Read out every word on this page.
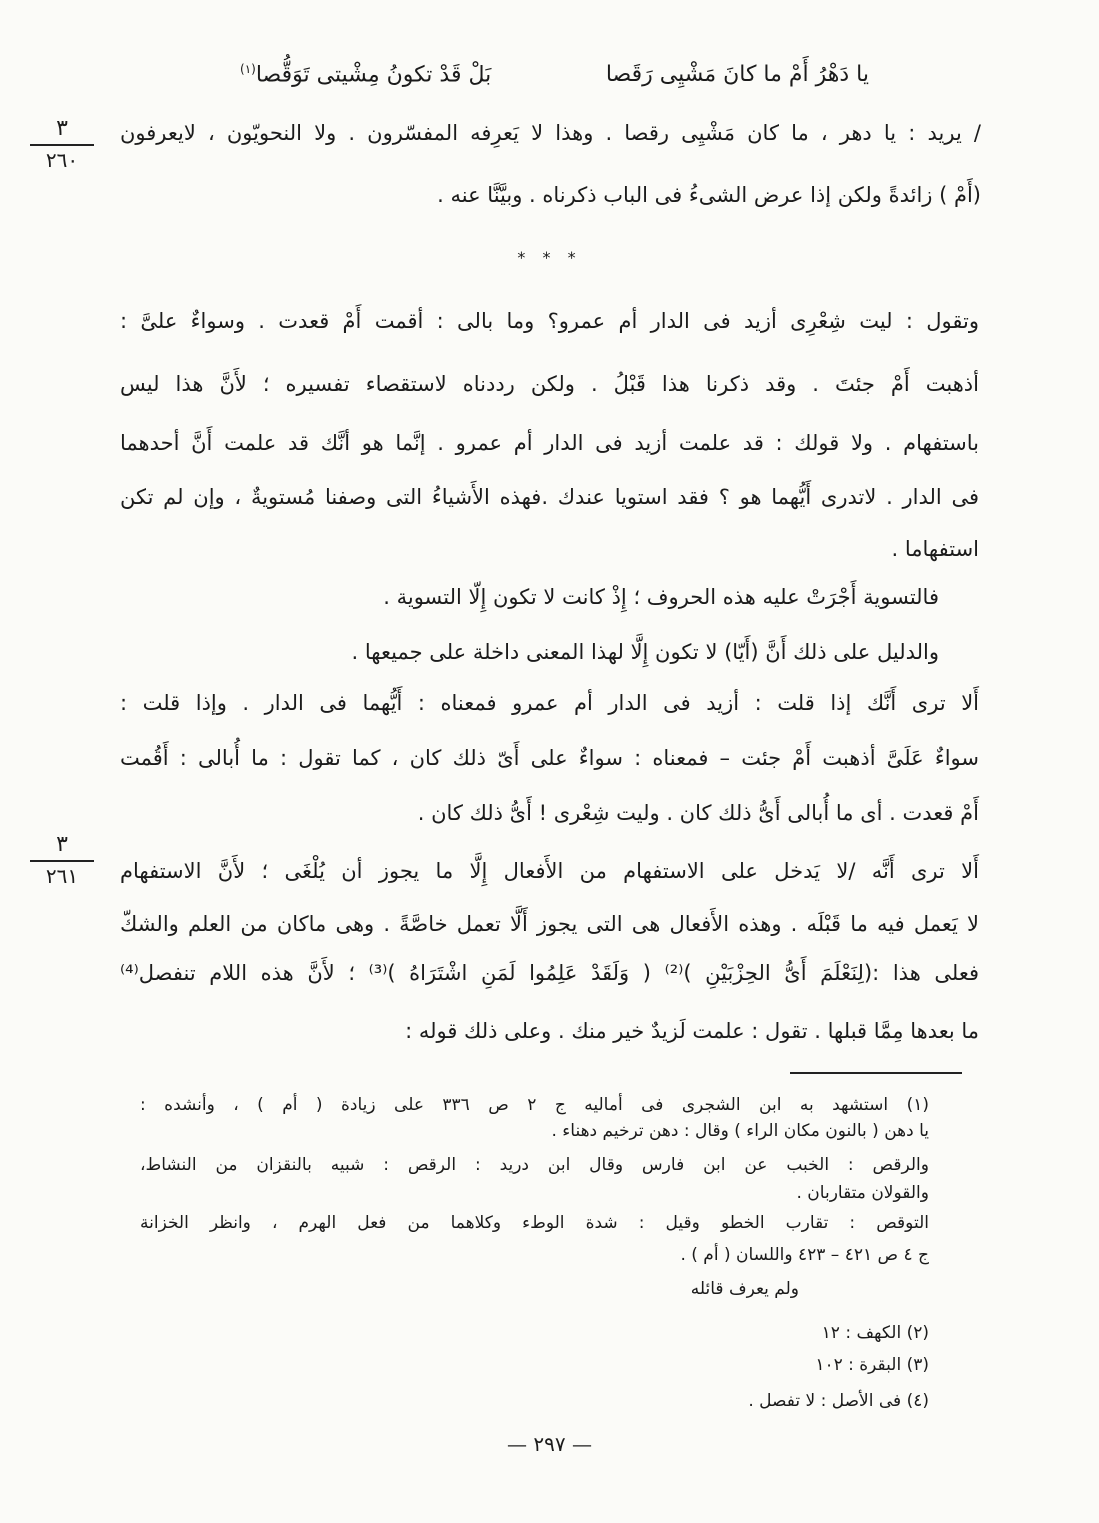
يا دَهْرُ أَمْ ما كانَ مَشْيِى رَقَصا
بَلْ قَدْ تكونُ مِشْيتى تَوَقُّصا$^{(١)}$
٣
٢٦٠
٣
٢٦١
/ يريد : يا دهر ، ما كان مَشْيِى رقصا . وهذا لا يَعرِفه المفسّرون . ولا النحويّون ، لايعرفون
(أَمْ ) زائدةً ولكن إذا عرض الشىءُ فى الباب ذكرناه . وبيَّنَّا عنه .
* * *
وتقول : ليت شِعْرِى أزيد فى الدار أم عمرو؟ وما بالى : أقمت أَمْ قعدت . وسواءٌ علىَّ :
أذهبت أَمْ جئتَ . وقد ذكرنا هذا قَبْلُ . ولكن رددناه لاستقصاء تفسيره ؛ لأَنَّ هذا ليس
باستفهام . ولا قولك : قد علمت أزيد فى الدار أم عمرو . إنَّما هو أنَّك قد علمت أَنَّ أحدهما
فى الدار . لاتدرى أَيُّهما هو ؟ فقد استويا عندك .فهذه الأَشياءُ التى وصفنا مُستويةٌ ، وإن لم تكن
استفهاما .
فالتسوية أَجْرَتْ عليه هذه الحروف ؛ إِذْ كانت لا تكون إِلّا التسوية .
والدليل على ذلك أَنَّ (أَيّا) لا تكون إِلَّا لهذا المعنى داخلة على جميعها .
أَلا ترى أَنَّك إذا قلت : أزيد فى الدار أم عمرو فمعناه : أَيُّهما فى الدار . وإذا قلت :
سواءٌ عَلَىَّ أذهبت أَمْ جئت – فمعناه : سواءٌ على أَىّ ذلك كان ، كما تقول : ما أُبالى : أَقُمت
أَمْ قعدت . أى ما أُبالى أَىُّ ذلك كان . وليت شِعْرى ! أَىُّ ذلك كان .
أَلا ترى أَنَّه /لا يَدخل على الاستفهام من الأَفعال إِلَّا ما يجوز أن يُلْغَى ؛ لأَنَّ الاستفهام
لا يَعمل فيه ما قَبْلَه . وهذه الأَفعال هى التى يجوز أَلَّا تعمل خاصَّةً . وهى ماكان من العلم والشكّ
فعلى هذا :(لِنَعْلَمَ أَىُّ الحِزْبَيْنِ )⁽²⁾ ( وَلَقَدْ عَلِمُوا لَمَنِ اشْتَرَاهُ )⁽³⁾ ؛ لأَنَّ هذه اللام تنفصل⁽⁴⁾
ما بعدها مِمَّا قبلها . تقول : علمت لَزيدٌ خير منك . وعلى ذلك قوله :
(١) استشهد به ابن الشجرى فى أماليه ج ٢ ص ٣٣٦ على زيادة ( أم ) ، وأنشده :
يا دهن ( بالنون مكان الراء ) وقال : دهن ترخيم دهناء .
والرقص : الخبب عن ابن فارس وقال ابن دريد : الرقص : شبيه بالنقزان من النشاط،
والقولان متقاربان .
التوقص : تقارب الخطو وقيل : شدة الوطء وكلاهما من فعل الهرم ، وانظر الخزانة
ج ٤ ص ٤٢١ – ٤٢٣ واللسان ( أم ) .
ولم يعرف قائله
(٢) الكهف : ١٢
(٣) البقرة : ١٠٢
(٤) فى الأصل : لا تفصل .
— ٢٩٧ —
